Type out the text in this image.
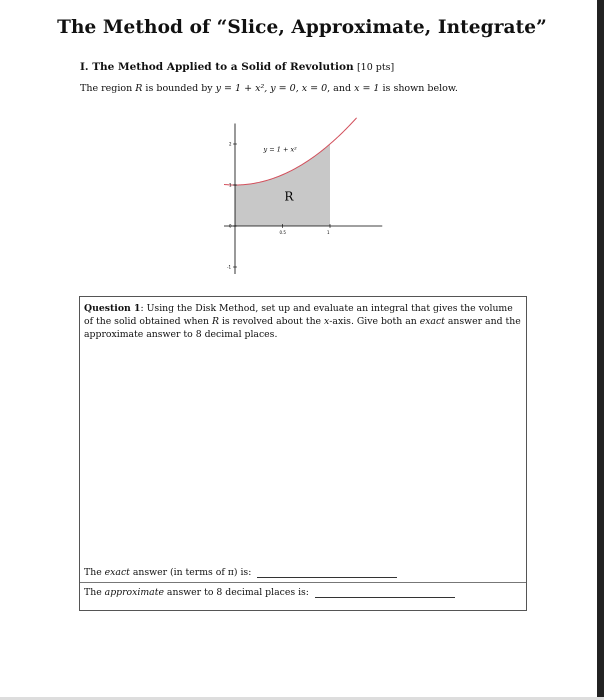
The Method of “Slice, Approximate, Integrate”
I. The Method Applied to a Solid of Revolution [10 pts]
The region R is bounded by y = 1 + x², y = 0, x = 0, and x = 1 is shown below.
0.5	1
-1
0
1
2
y = 1 + x²
R
Question 1: Using the Disk Method, set up and evaluate an integral that gives the volume of the solid obtained when R is revolved about the x-axis. Give both an exact answer and the approximate answer to 8 decimal places.
The exact answer (in terms of π) is:
The approximate answer to 8 decimal places is:
